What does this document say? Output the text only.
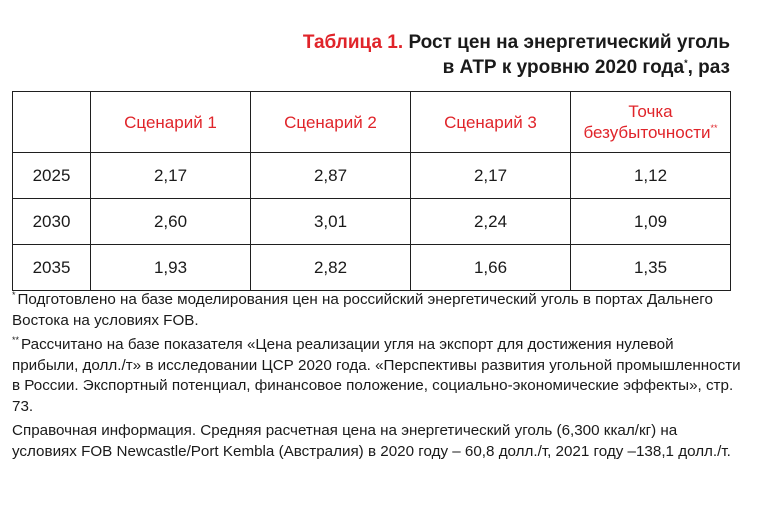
Таблица 1. Рост цен на энергетический уголь
в АТР к уровню 2020 года*, раз
	Сценарий 1	Сценарий 2	Сценарий 3	Точка безубыточности**
2025	2,17	2,87	2,17	1,12
2030	2,60	3,01	2,24	1,09
2035	1,93	2,82	1,66	1,35

* Подготовлено на базе моделирования цен на российский энергетический уголь в портах Дальнего Востока на условиях FOB.

** Рассчитано на базе показателя «Цена реализации угля на экспорт для достижения нулевой прибыли, долл./т» в исследовании ЦСР 2020 года. «Перспективы развития угольной промышленности в России. Экспортный потенциал, финансовое положение, социально-экономические эффекты», стр. 73.

Справочная информация. Средняя расчетная цена на энергетический уголь (6,300 ккал/кг) на условиях FOB Newcastle/Port Kembla (Австралия) в 2020 году – 60,8 долл./т, 2021 году –138,1 долл./т.
